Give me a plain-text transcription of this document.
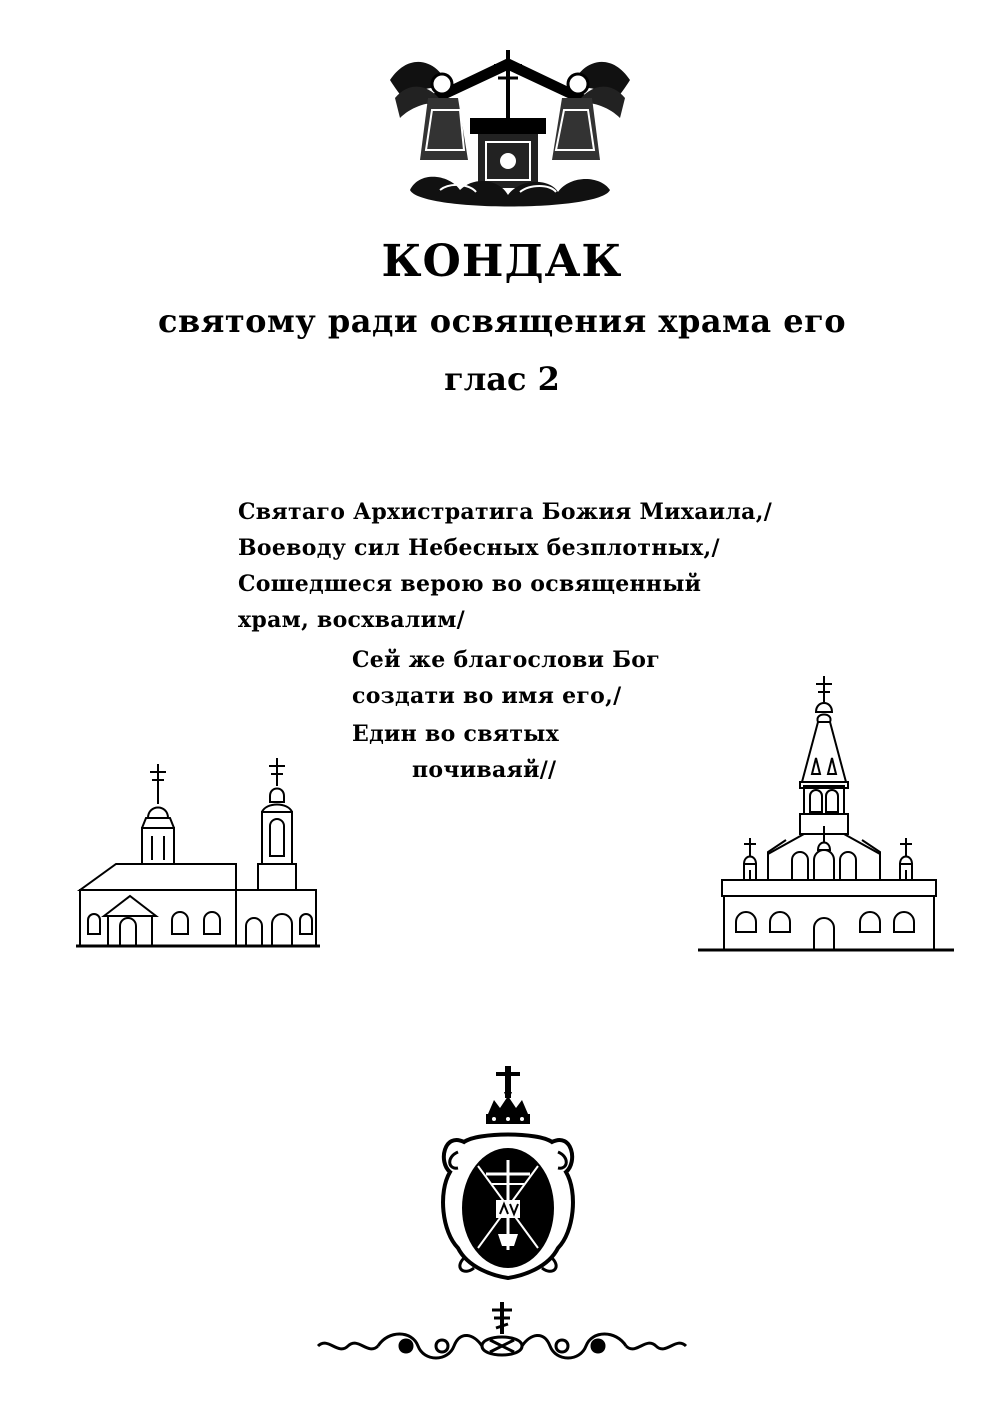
КОНДАК
святому ради освящения храма его
глас 2
Святаго Архистратига Божия Михаила,/
Воеводу сил Небесных безплотных,/
Сошедшеся верою во освященный
храм, восхвалим/
Сей же благослови Бог
создати во имя его,/
Един во святых
почиваяй//
